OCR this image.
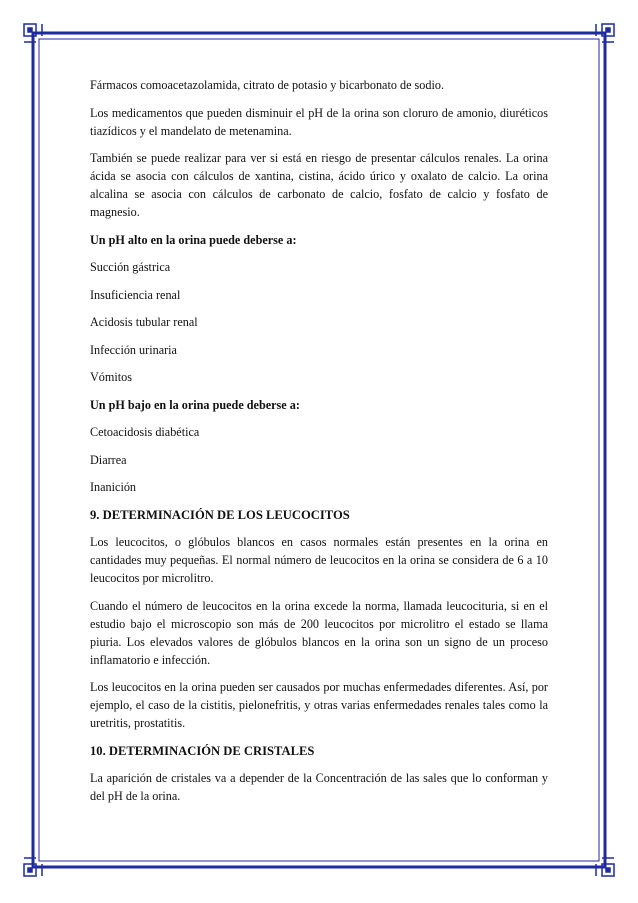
Fármacos comoacetazolamida, citrato de potasio y bicarbonato de sodio.

Los medicamentos que pueden disminuir el pH de la orina son cloruro de amonio, diuréticos tiazídicos y el mandelato de metenamina.

También se puede realizar para ver si está en riesgo de presentar cálculos renales. La orina ácida se asocia con cálculos de xantina, cistina, ácido úrico y oxalato de calcio. La orina alcalina se asocia con cálculos de carbonato de calcio, fosfato de calcio y fosfato de magnesio.

Un pH alto en la orina puede deberse a:

Succión gástrica

Insuficiencia renal

Acidosis tubular renal

Infección urinaria

Vómitos

Un pH bajo en la orina puede deberse a:

Cetoacidosis diabética

Diarrea

Inanición

9. DETERMINACIÓN DE LOS LEUCOCITOS

Los leucocitos, o glóbulos blancos en casos normales están presentes en la orina en cantidades muy pequeñas. El normal número de leucocitos en la orina se considera de 6 a 10 leucocitos por microlitro.

Cuando el número de leucocitos en la orina excede la norma, llamada leucocituria, si en el estudio bajo el microscopio son más de 200 leucocitos por microlitro el estado se llama piuria. Los elevados valores de glóbulos blancos en la orina son un signo de un proceso inflamatorio e infección.

Los leucocitos en la orina pueden ser causados por muchas enfermedades diferentes. Así, por ejemplo, el caso de la cistitis, pielonefritis, y otras varias enfermedades renales tales como la uretritis, prostatitis.

10. DETERMINACIÓN DE CRISTALES

La aparición de cristales va a depender de la Concentración de las sales que lo conforman y del pH de la orina.
